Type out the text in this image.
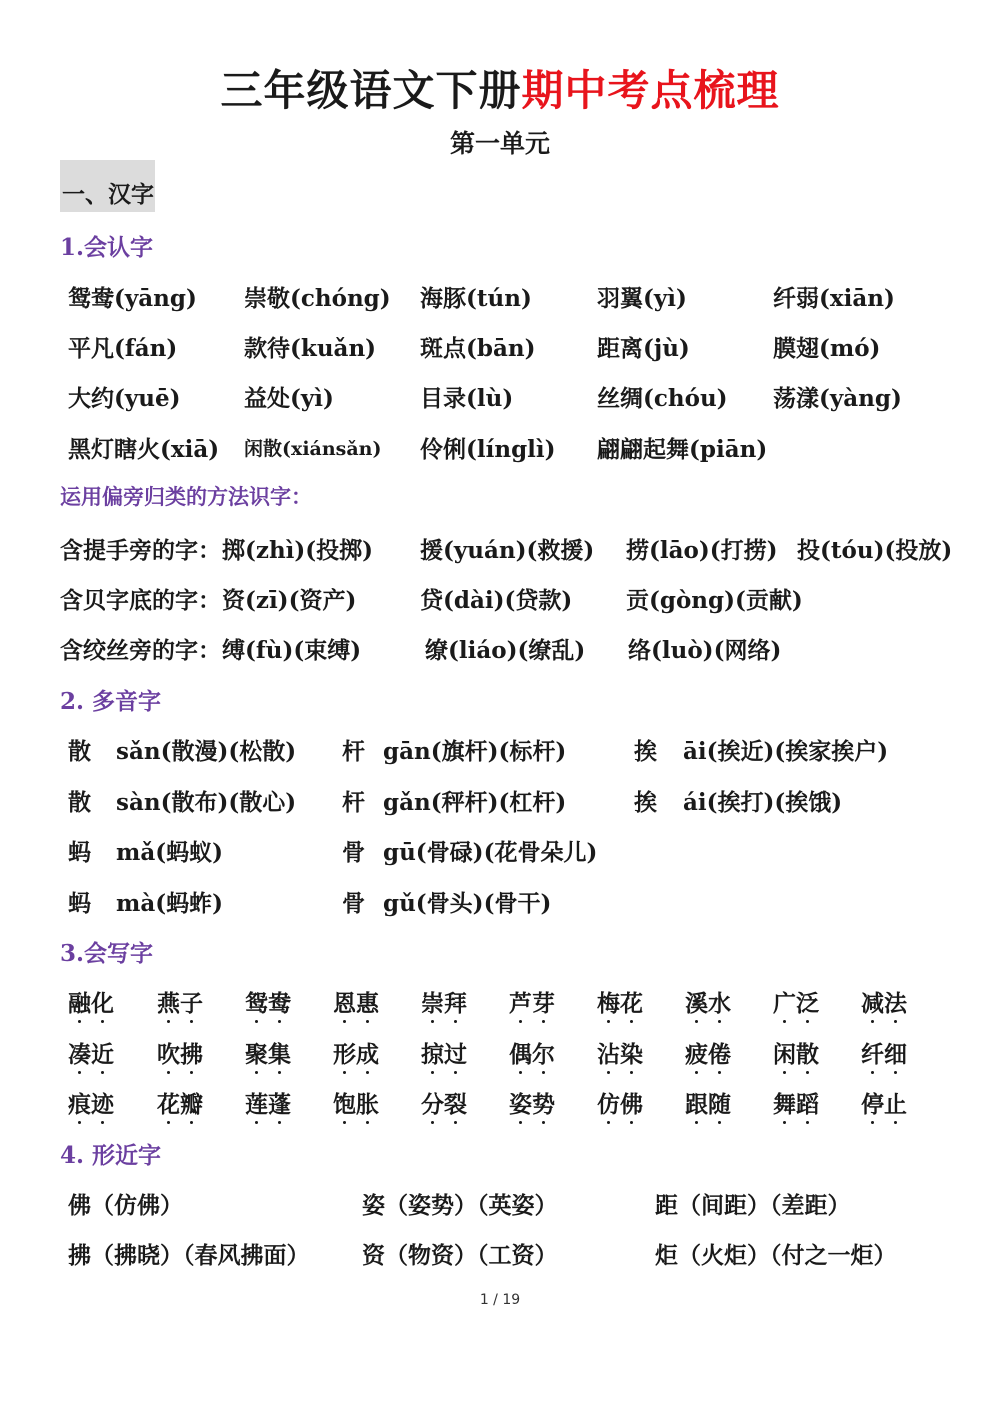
三年级语文下册期中考点梳理
第一单元
一、汉字
1.会认字
鸳鸯(yāng) 崇敬(chóng) 海豚(tún)	羽翼(yì)	纤弱(xiān)
平凡(fán)	款待(kuǎn) 斑点(bān)	距离(jù)	膜翅(mó)
大约(yuē)	益处(yì)	目录(lù)	丝绸(chóu) 荡漾(yàng)
黑灯瞎火(xiā) 闲散(xiánsǎn) 伶俐(línglì) 翩翩起舞(piān)
运用偏旁归类的方法识字：
含提手旁的字： 掷(zhì)(投掷) 援(yuán)(救援) 捞(lāo)(打捞) 投(tóu)(投放)
含贝字底的字： 资(zī)(资产)	贷(dài)(贷款) 贡(gòng)(贡献)
含绞丝旁的字： 缚(fù)(束缚)	缭(liáo)(缭乱) 络(luò)(网络)
2. 多音字
散 sǎn(散漫)(松散) 杆 gān(旗杆)(标杆)	挨 āi(挨近)(挨家挨户)
散 sàn(散布)(散心) 杆 gǎn(秤杆)(杠杆)	挨 ái(挨打)(挨饿)
蚂 mǎ(蚂蚁)	骨 gū(骨碌)(花骨朵儿)
蚂 mà(蚂蚱)	骨 gǔ(骨头)(骨干)
3.会写字
融化 燕子 鸳鸯 恩惠 崇拜 芦芽 梅花 溪水 广泛 减法
凑近 吹拂 聚集 形成 掠过 偶尔 沾染 疲倦 闲散 纤细
痕迹 花瓣 莲蓬 饱胀 分裂 姿势 仿佛 跟随 舞蹈 停止
4. 形近字
佛（仿佛）	姿（姿势）（英姿）	距（间距）（差距）
拂（拂晓）（春风拂面） 资（物资）（工资）	炬（火炬）（付之一炬）
1 / 19
